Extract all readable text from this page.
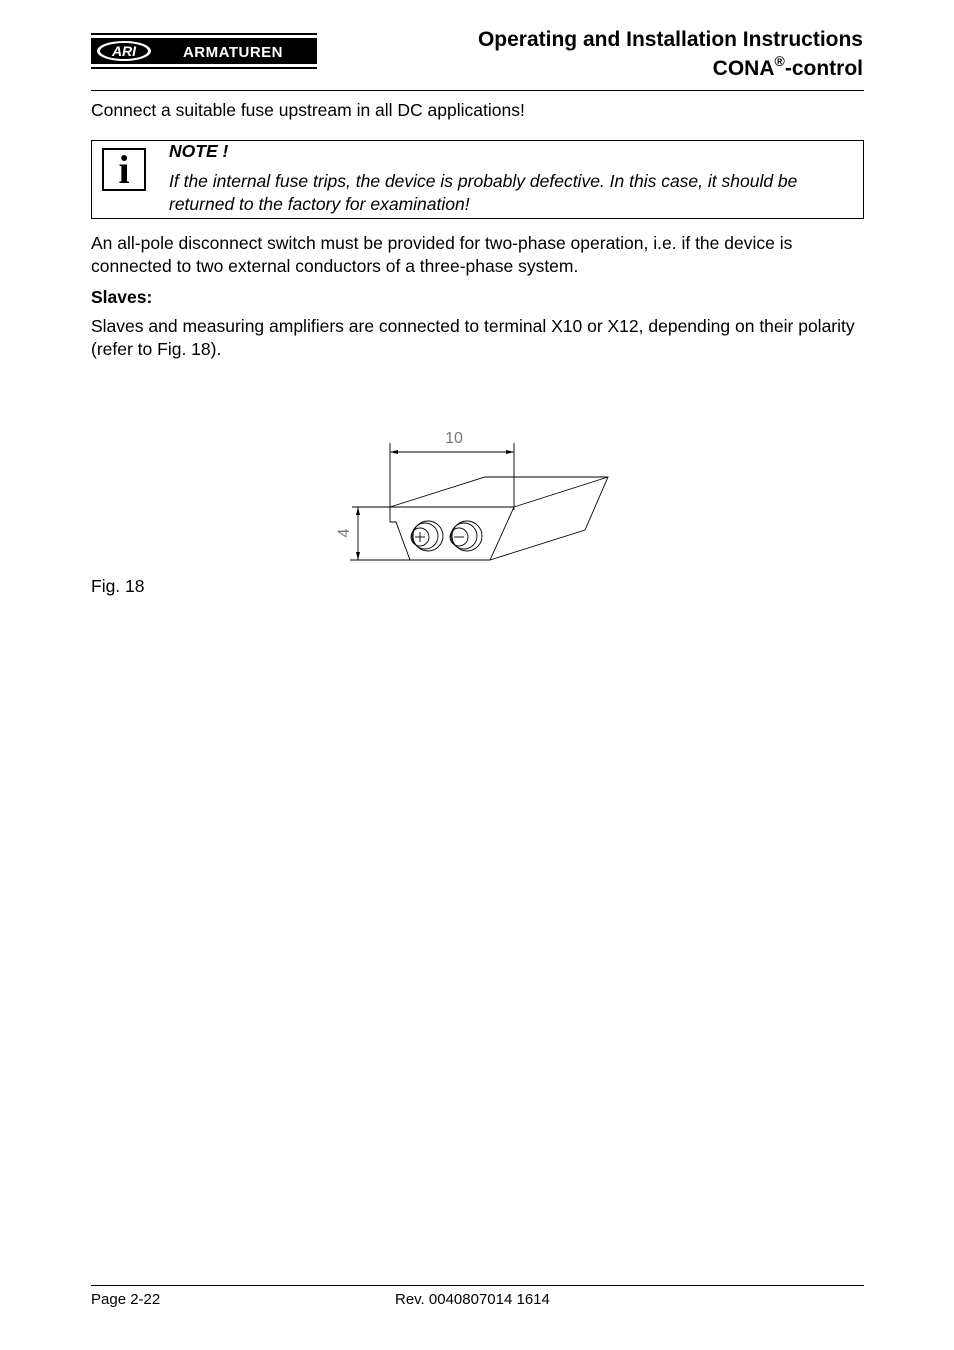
ARI	ARMATUREN
Operating and Installation Instructions
CONA®-control
Connect a suitable fuse upstream in all DC applications!
i	NOTE !
If the internal fuse trips, the device is probably defective. In this case, it should be returned to the factory for examination!
An all-pole disconnect switch must be provided for two-phase operation, i.e. if the device is connected to two external conductors of a three-phase system.
Slaves:
Slaves and measuring amplifiers are connected to terminal X10 or X12, depending on their polarity (refer to Fig. 18).
10
4
Fig. 18
Page 2-22	Rev. 0040807014 1614
